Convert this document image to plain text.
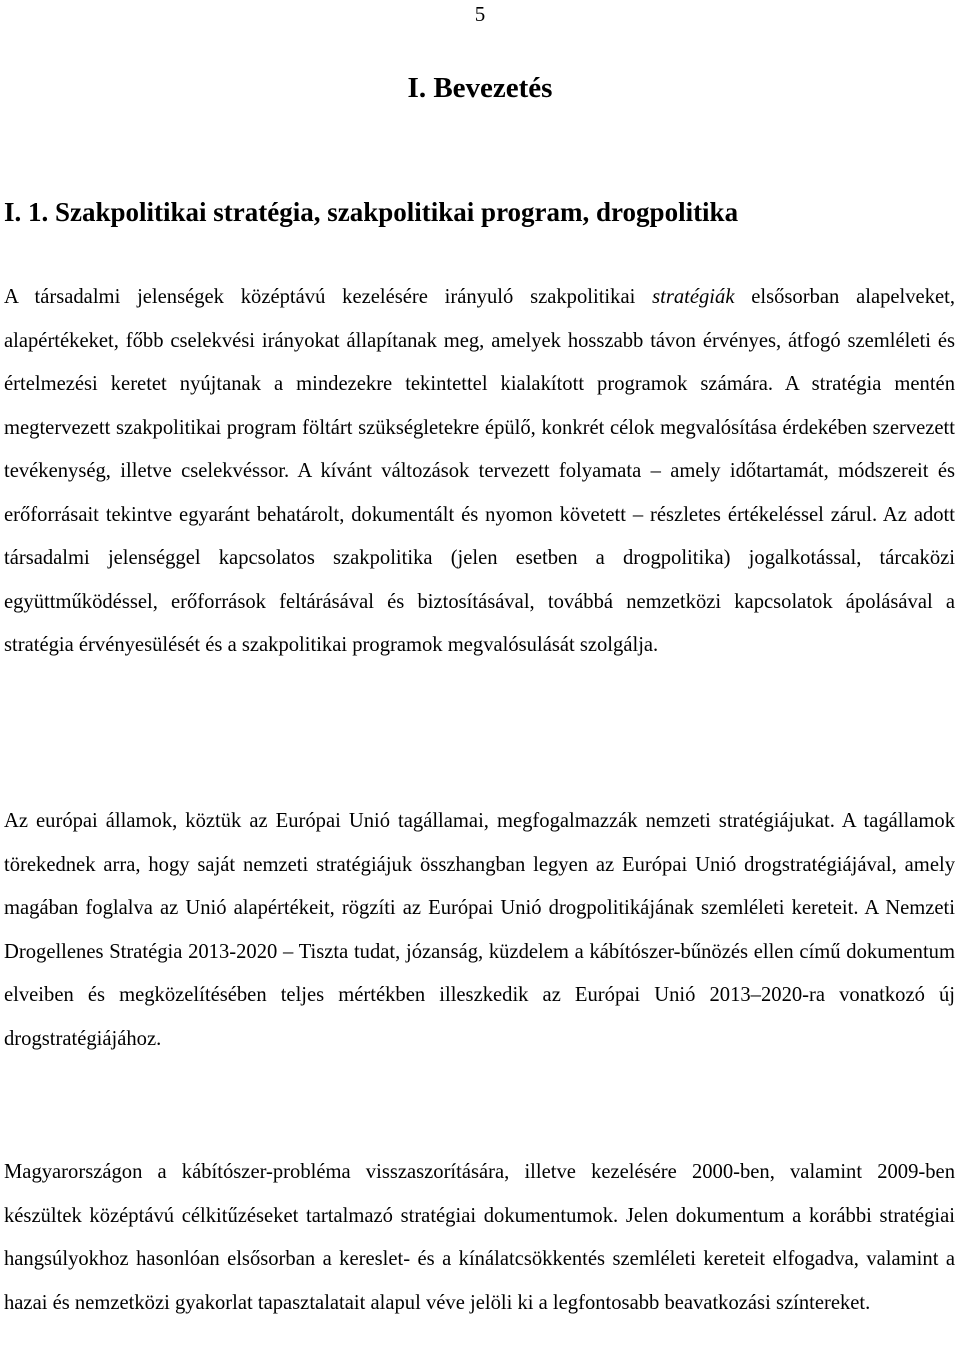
5
I. Bevezetés
I. 1. Szakpolitikai stratégia, szakpolitikai program, drogpolitika

A társadalmi jelenségek középtávú kezelésére irányuló szakpolitikai stratégiák elsősorban alapelveket, alapértékeket, főbb cselekvési irányokat állapítanak meg, amelyek hosszabb távon érvényes, átfogó szemléleti és értelmezési keretet nyújtanak a mindezekre tekintettel kialakított programok számára. A stratégia mentén megtervezett szakpolitikai program föltárt szükségletekre épülő, konkrét célok megvalósítása érdekében szervezett tevékenység, illetve cselekvéssor. A kívánt változások tervezett folyamata – amely időtartamát, módszereit és erőforrásait tekintve egyaránt behatárolt, dokumentált és nyomon követett – részletes értékeléssel zárul. Az adott társadalmi jelenséggel kapcsolatos szakpolitika (jelen esetben a drogpolitika) jogalkotással, tárcaközi együttműködéssel, erőforrások feltárásával és biztosításával, továbbá nemzetközi kapcsolatok ápolásával a stratégia érvényesülését és a szakpolitikai programok megvalósulását szolgálja.

Az európai államok, köztük az Európai Unió tagállamai, megfogalmazzák nemzeti stratégiájukat. A tagállamok törekednek arra, hogy saját nemzeti stratégiájuk összhangban legyen az Európai Unió drogstratégiájával, amely magában foglalva az Unió alapértékeit, rögzíti az Európai Unió drogpolitikájának szemléleti kereteit. A Nemzeti Drogellenes Stratégia 2013-2020 – Tiszta tudat, józanság, küzdelem a kábítószer-bűnözés ellen című dokumentum elveiben és megközelítésében teljes mértékben illeszkedik az Európai Unió 2013–2020-ra vonatkozó új drogstratégiájához.

Magyarországon a kábítószer-probléma visszaszorítására, illetve kezelésére 2000-ben, valamint 2009-ben készültek középtávú célkitűzéseket tartalmazó stratégiai dokumentumok. Jelen dokumentum a korábbi stratégiai hangsúlyokhoz hasonlóan elsősorban a kereslet- és a kínálatcsökkentés szemléleti kereteit elfogadva, valamint a hazai és nemzetközi gyakorlat tapasztalatait alapul véve jelöli ki a legfontosabb beavatkozási színtereket.
